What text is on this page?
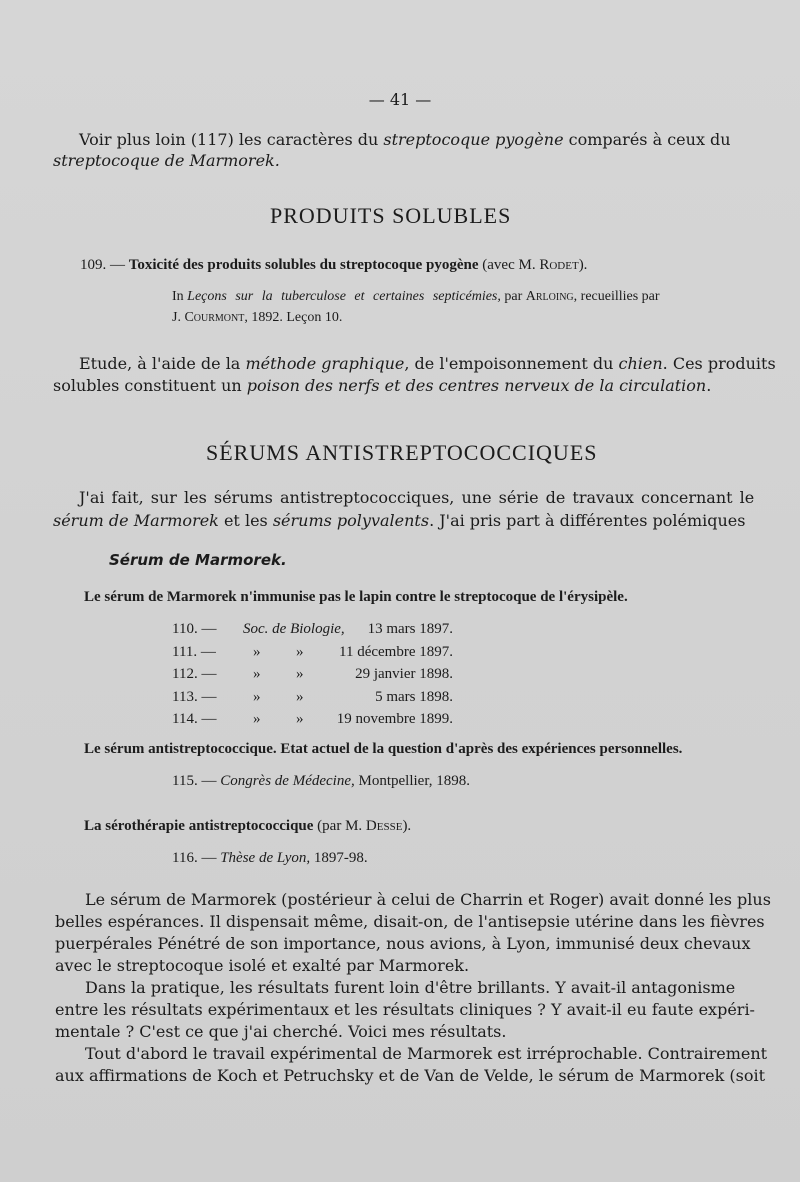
— 41 —
Voir plus loin (117) les caractères du streptocoque pyogène comparés à ceux du
streptocoque de Marmorek.
PRODUITS SOLUBLES
109. — Toxicité des produits solubles du streptocoque pyogène (avec M. Rodet).
In Leçons sur la tuberculose et certaines septicémies, par Arloing, recueillies par
J. Courmont, 1892. Leçon 10.
Etude, à l'aide de la méthode graphique, de l'empoisonnement du chien. Ces produits
solubles constituent un poison des nerfs et des centres nerveux de la circulation.
SÉRUMS ANTISTREPTOCOCCIQUES
J'ai fait, sur les sérums antistreptococciques, une série de travaux concernant le
sérum de Marmorek et les sérums polyvalents. J'ai pris part à différentes polémiques
Sérum de Marmorek.
Le sérum de Marmorek n'immunise pas le lapin contre le streptocoque de l'érysipèle.
110. — Soc. de Biologie, 13 mars 1897.
111. — » » 11 décembre 1897.
112. — » »	29 janvier 1898.
113. — » »	5 mars 1898.
114. — » » 19 novembre 1899.
Le sérum antistreptococcique. Etat actuel de la question d'après des expériences personnelles.
115. — Congrès de Médecine, Montpellier, 1898.
La sérothérapie antistreptococcique (par M. Desse).
116. — Thèse de Lyon, 1897-98.
Le sérum de Marmorek (postérieur à celui de Charrin et Roger) avait donné les plus
belles espérances. Il dispensait même, disait-on, de l'antisepsie utérine dans les fièvres
puerpérales Pénétré de son importance, nous avions, à Lyon, immunisé deux chevaux
avec le streptocoque isolé et exalté par Marmorek.
Dans la pratique, les résultats furent loin d'être brillants. Y avait-il antagonisme
entre les résultats expérimentaux et les résultats cliniques ? Y avait-il eu faute expéri-
mentale ? C'est ce que j'ai cherché. Voici mes résultats.
Tout d'abord le travail expérimental de Marmorek est irréprochable. Contrairement
aux affirmations de Koch et Petruchsky et de Van de Velde, le sérum de Marmorek (soit
